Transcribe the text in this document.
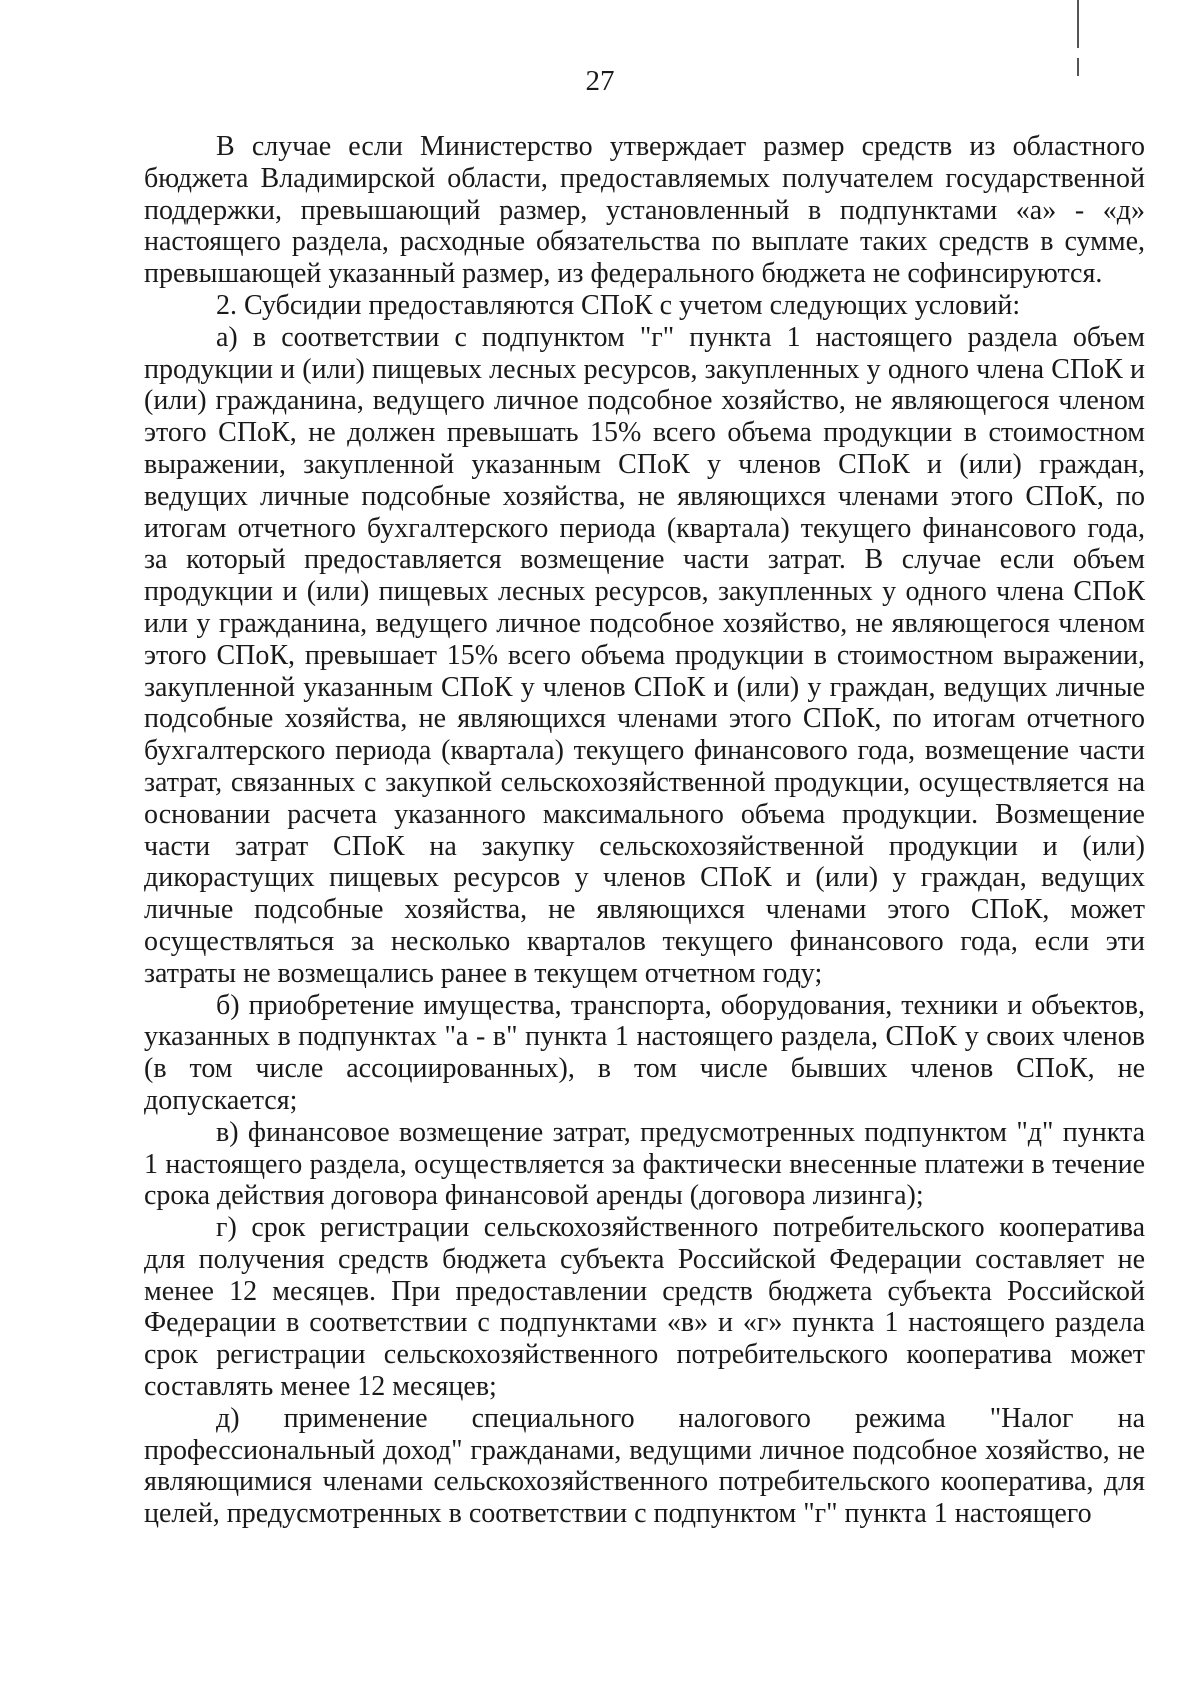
27

В случае если Министерство утверждает размер средств из областного бюджета Владимирской области, предоставляемых получателем государственной поддержки, превышающий размер, установленный в подпунктами «а» - «д» настоящего раздела, расходные обязательства по выплате таких средств в сумме, превышающей указанный размер, из федерального бюджета не софинсируются.

2. Субсидии предоставляются СПоК с учетом следующих условий:

а) в соответствии с подпунктом "г" пункта 1 настоящего раздела объем продукции и (или) пищевых лесных ресурсов, закупленных у одного члена СПоК и (или) гражданина, ведущего личное подсобное хозяйство, не являющегося членом этого СПоК, не должен превышать 15% всего объема продукции в стоимостном выражении, закупленной указанным СПоК у членов СПоК и (или) граждан, ведущих личные подсобные хозяйства, не являющихся членами этого СПоК, по итогам отчетного бухгалтерского периода (квартала) текущего финансового года, за который предоставляется возмещение части затрат. В случае если объем продукции и (или) пищевых лесных ресурсов, закупленных у одного члена СПоК или у гражданина, ведущего личное подсобное хозяйство, не являющегося членом этого СПоК, превышает 15% всего объема продукции в стоимостном выражении, закупленной указанным СПоК у членов СПоК и (или) у граждан, ведущих личные подсобные хозяйства, не являющихся членами этого СПоК, по итогам отчетного бухгалтерского периода (квартала) текущего финансового года, возмещение части затрат, связанных с закупкой сельскохозяйственной продукции, осуществляется на основании расчета указанного максимального объема продукции. Возмещение части затрат СПоК на закупку сельскохозяйственной продукции и (или) дикорастущих пищевых ресурсов у членов СПоК и (или) у граждан, ведущих личные подсобные хозяйства, не являющихся членами этого СПоК, может осуществляться за несколько кварталов текущего финансового года, если эти затраты не возмещались ранее в текущем отчетном году;

б) приобретение имущества, транспорта, оборудования, техники и объектов, указанных в подпунктах "а - в" пункта 1 настоящего раздела, СПоК у своих членов (в том числе ассоциированных), в том числе бывших членов СПоК, не допускается;

в) финансовое возмещение затрат, предусмотренных подпунктом "д" пункта 1 настоящего раздела, осуществляется за фактически внесенные платежи в течение срока действия договора финансовой аренды (договора лизинга);

г) срок регистрации сельскохозяйственного потребительского кооператива для получения средств бюджета субъекта Российской Федерации составляет не менее 12 месяцев. При предоставлении средств бюджета субъекта Российской Федерации в соответствии с подпунктами «в» и «г» пункта 1 настоящего раздела срок регистрации сельскохозяйственного потребительского кооператива может составлять менее 12 месяцев;

д) применение специального налогового режима "Налог на профессиональный доход" гражданами, ведущими личное подсобное хозяйство, не являющимися членами сельскохозяйственного потребительского кооператива, для целей, предусмотренных в соответствии с подпунктом "г" пункта 1 настоящего
